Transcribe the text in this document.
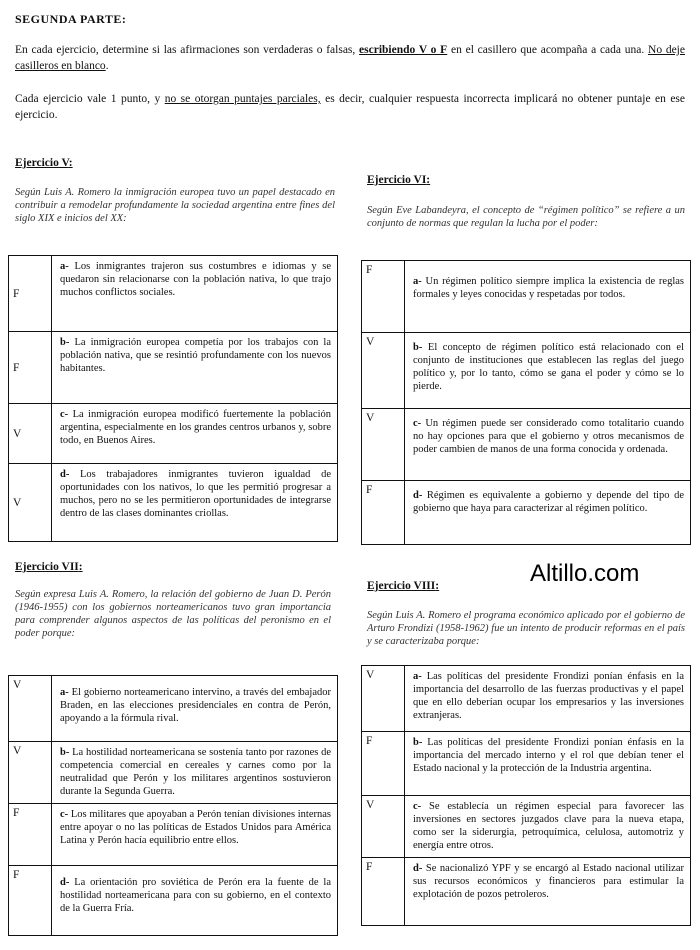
SEGUNDA PARTE:
En cada ejercicio, determine si las afirmaciones son verdaderas o falsas, escribiendo V o F en el casillero que acompaña a cada una. No deje casilleros en blanco.
Cada ejercicio vale 1 punto, y no se otorgan puntajes parciales, es decir, cualquier respuesta incorrecta implicará no obtener puntaje en ese ejercicio.
Ejercicio V:
Según Luis A. Romero la inmigración europea tuvo un papel destacado en contribuir a remodelar profundamente la sociedad argentina entre fines del siglo XIX e inicios del XX:
F	a- Los inmigrantes trajeron sus costumbres e idiomas y se quedaron sin relacionarse con la población nativa, lo que trajo muchos conflictos sociales.
F	b- La inmigración europea competía por los trabajos con la población nativa, que se resintió profundamente con los nuevos habitantes.
V	c- La inmigración europea modificó fuertemente la población argentina, especialmente en los grandes centros urbanos y, sobre todo, en Buenos Aires.
V	d- Los trabajadores inmigrantes tuvieron igualdad de oportunidades con los nativos, lo que les permitió progresar a muchos, pero no se les permitieron oportunidades de integrarse dentro de las clases dominantes criollas.
Ejercicio VI:
Según Eve Labandeyra, el concepto de “régimen político” se refiere a un conjunto de normas que regulan la lucha por el poder:
F	a- Un régimen político siempre implica la existencia de reglas formales y leyes conocidas y respetadas por todos.
V	b- El concepto de régimen político está relacionado con el conjunto de instituciones que establecen las reglas del juego político y, por lo tanto, cómo se gana el poder y cómo se lo pierde.
V	c- Un régimen puede ser considerado como totalitario cuando no hay opciones para que el gobierno y otros mecanismos de poder cambien de manos de una forma conocida y ordenada.
F	d- Régimen es equivalente a gobierno y depende del tipo de gobierno que haya para caracterizar al régimen político.
Altillo.com
Ejercicio VII:
Según expresa Luis A. Romero, la relación del gobierno de Juan D. Perón (1946-1955) con los gobiernos norteamericanos tuvo gran importancia para comprender algunos aspectos de las políticas del peronismo en el poder porque:
V	a- El gobierno norteamericano intervino, a través del embajador Braden, en las elecciones presidenciales en contra de Perón, apoyando a la fórmula rival.
V	b- La hostilidad norteamericana se sostenía tanto por razones de competencia comercial en cereales y carnes como por la neutralidad que Perón y los militares argentinos sostuvieron durante la Segunda Guerra.
F	c- Los militares que apoyaban a Perón tenían divisiones internas entre apoyar o no las políticas de Estados Unidos para América Latina y Perón hacía equilibrio entre ellos.
F	d- La orientación pro soviética de Perón era la fuente de la hostilidad norteamericana para con su gobierno, en el contexto de la Guerra Fría.
Ejercicio VIII:
Según Luis A. Romero el programa económico aplicado por el gobierno de Arturo Frondizi (1958-1962) fue un intento de producir reformas en el país y se caracterizaba porque:
V	a- Las políticas del presidente Frondizi ponían énfasis en la importancia del desarrollo de las fuerzas productivas y el papel que en ello deberían ocupar los empresarios y las inversiones extranjeras.
F	b- Las políticas del presidente Frondizi ponían énfasis en la importancia del mercado interno y el rol que debían tener el Estado nacional y la protección de la Industria argentina.
V	c- Se establecía un régimen especial para favorecer las inversiones en sectores juzgados clave para la nueva etapa, como ser la siderurgia, petroquímica, celulosa, automotriz y energía entre otros.
F	d- Se nacionalizó YPF y se encargó al Estado nacional utilizar sus recursos económicos y financieros para estimular la explotación de pozos petroleros.
